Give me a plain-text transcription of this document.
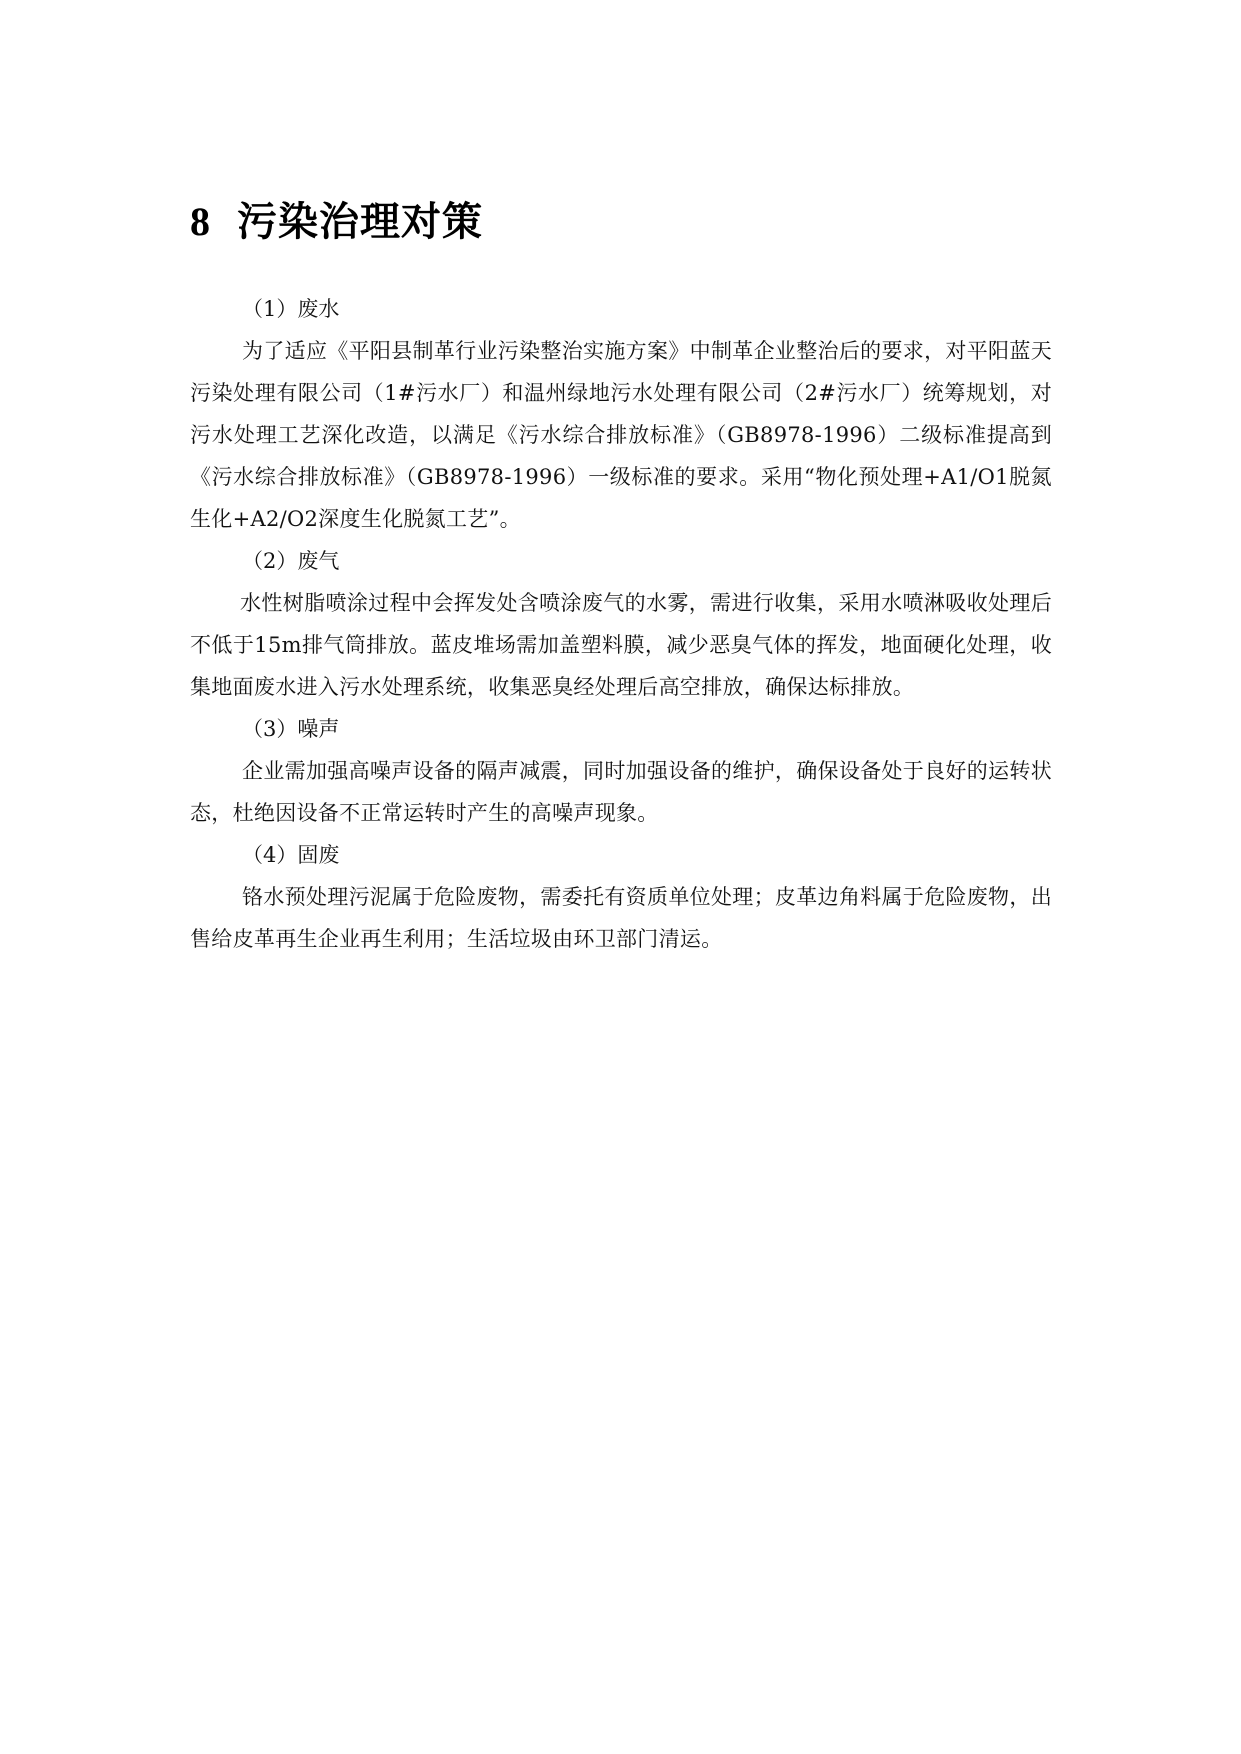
8 污染治理对策

（1）废水

为了适应《平阳县制革行业污染整治实施方案》中制革企业整治后的要求，对平阳蓝天污染处理有限公司（1#污水厂）和温州绿地污水处理有限公司（2#污水厂）统筹规划，对污水处理工艺深化改造，以满足《污水综合排放标准》（GB8978-1996）二级标准提高到《污水综合排放标准》（GB8978-1996）一级标准的要求。采用“物化预处理+A1/O1脱氮生化+A2/O2深度生化脱氮工艺”。

（2）废气

水性树脂喷涂过程中会挥发处含喷涂废气的水雾，需进行收集，采用水喷淋吸收处理后不低于15m排气筒排放。蓝皮堆场需加盖塑料膜，减少恶臭气体的挥发，地面硬化处理，收集地面废水进入污水处理系统，收集恶臭经处理后高空排放，确保达标排放。

（3）噪声

企业需加强高噪声设备的隔声减震，同时加强设备的维护，确保设备处于良好的运转状态，杜绝因设备不正常运转时产生的高噪声现象。

（4）固废

铬水预处理污泥属于危险废物，需委托有资质单位处理；皮革边角料属于危险废物，出售给皮革再生企业再生利用；生活垃圾由环卫部门清运。
